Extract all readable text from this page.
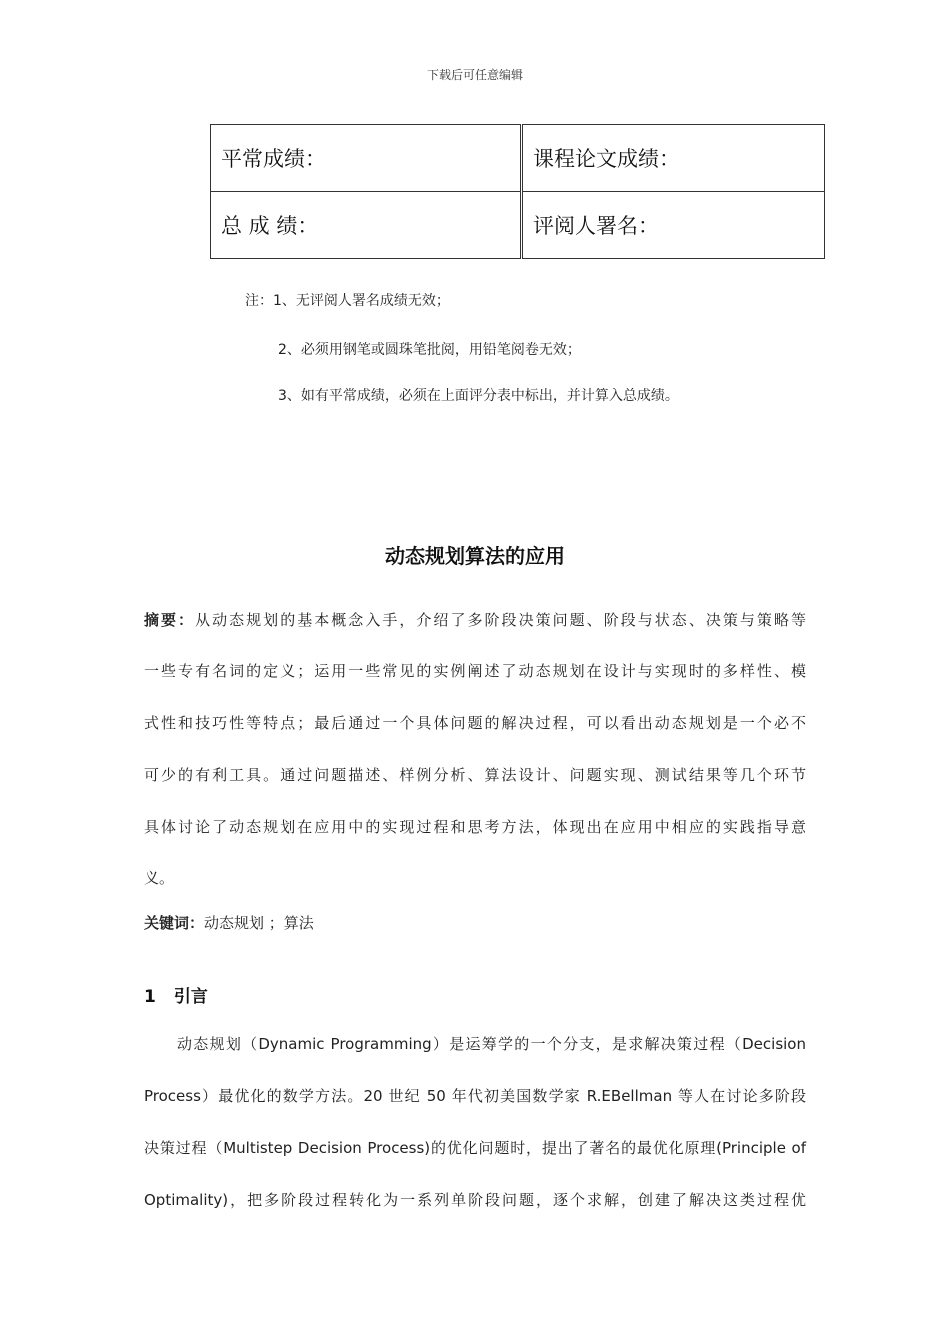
下载后可任意编辑
平常成绩：	课程论文成绩：
总 成 绩：	评阅人署名：
注：1、无评阅人署名成绩无效；
2、必须用钢笔或圆珠笔批阅，用铅笔阅卷无效；
3、如有平常成绩，必须在上面评分表中标出，并计算入总成绩。
动态规划算法的应用
摘要：从动态规划的基本概念入手，介绍了多阶段决策问题、阶段与状态、决策与策略等
一些专有名词的定义；运用一些常见的实例阐述了动态规划在设计与实现时的多样性、模
式性和技巧性等特点；最后通过一个具体问题的解决过程，可以看出动态规划是一个必不
可少的有利工具。通过问题描述、样例分析、算法设计、问题实现、测试结果等几个环节
具体讨论了动态规划在应用中的实现过程和思考方法，体现出在应用中相应的实践指导意
义。
关键词：动态规划 ；算法
1 引言
动态规划（Dynamic Programming）是运筹学的一个分支，是求解决策过程（Decision
Process）最优化的数学方法。20 世纪 50 年代初美国数学家 R.EBellman 等人在讨论多阶段
决策过程（Multistep Decision Process)的优化问题时，提出了著名的最优化原理(Principle of
Optimality)，把多阶段过程转化为一系列单阶段问题，逐个求解，创建了解决这类过程优
